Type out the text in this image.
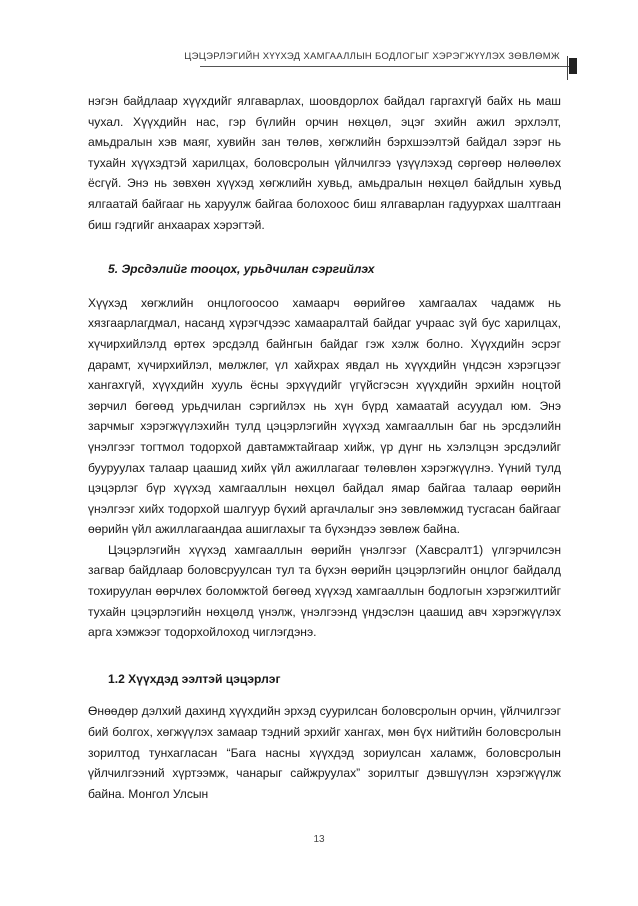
ЦЭЦЭРЛЭГИЙН ХҮҮХЭД ХАМГААЛЛЫН БОДЛОГЫГ ХЭРЭГЖҮҮЛЭХ ЗӨВЛӨМЖ

нэгэн байдлаар хүүхдийг ялгаварлах, шоовдорлох байдал гаргахгүй байх нь маш чухал. Хүүхдийн нас, гэр бүлийн орчин нөхцөл, эцэг эхийн ажил эрхлэлт, амьдралын хэв маяг, хувийн зан төлөв, хөгжлийн бэрхшээлтэй байдал зэрэг нь тухайн хүүхэдтэй харилцах, боловсролын үйлчилгээ үзүүлэхэд сөргөөр нөлөөлөх ёсгүй. Энэ нь зөвхөн хүүхэд хөгжлийн хувьд, амьдралын нөхцөл байдлын хувьд ялгаатай байгааг нь харуулж байгаа болохоос биш ялгаварлан гадуурхах шалтгаан биш гэдгийг анхаарах хэрэгтэй.

5. Эрсдэлийг тооцох, урьдчилан сэргийлэх

Хүүхэд хөгжлийн онцлогоосоо хамаарч өөрийгөө хамгаалах чадамж нь хязгаарлагдмал, насанд хүрэгчдээс хамааралтай байдаг учраас зүй бус харилцах, хүчирхийлэлд өртөх эрсдэлд байнгын байдаг гэж хэлж болно. Хүүхдийн эсрэг дарамт, хүчирхийлэл, мөлжлөг, үл хайхрах явдал нь хүүхдийн үндсэн хэрэгцээг хангахгүй, хүүхдийн хууль ёсны эрхүүдийг үгүйсгэсэн хүүхдийн эрхийн ноцтой зөрчил бөгөөд урьдчилан сэргийлэх нь хүн бүрд хамаатай асуудал юм. Энэ зарчмыг хэрэгжүүлэхийн тулд цэцэрлэгийн хүүхэд хамгааллын баг нь эрсдэлийн үнэлгээг тогтмол тодорхой давтамжтайгаар хийж, үр дүнг нь хэлэлцэн эрсдэлийг бууруулах талаар цаашид хийх үйл ажиллагааг төлөвлөн хэрэгжүүлнэ. Үүний тулд цэцэрлэг бүр хүүхэд хамгааллын нөхцөл байдал ямар байгаа талаар өөрийн үнэлгээг хийх тодорхой шалгуур бүхий аргачлалыг энэ зөвлөмжид тусгасан байгааг өөрийн үйл ажиллагаандаа ашиглахыг та бүхэндээ зөвлөж байна.

Цэцэрлэгийн хүүхэд хамгааллын өөрийн үнэлгээг (Хавсралт1) үлгэрчилсэн загвар байдлаар боловсруулсан тул та бүхэн өөрийн цэцэрлэгийн онцлог байдалд тохируулан өөрчлөх боломжтой бөгөөд хүүхэд хамгааллын бодлогын хэрэгжилтийг тухайн цэцэрлэгийн нөхцөлд үнэлж, үнэлгээнд үндэслэн цаашид авч хэрэгжүүлэх арга хэмжээг тодорхойлоход чиглэгдэнэ.

1.2 Хүүхдэд ээлтэй цэцэрлэг

Өнөөдөр дэлхий дахинд хүүхдийн эрхэд суурилсан боловсролын орчин, үйлчилгээг бий болгох, хөгжүүлэх замаар тэдний эрхийг хангах, мөн бүх нийтийн боловсролын зорилтод тунхагласан “Бага насны хүүхдэд зориулсан халамж, боловсролын үйлчилгээний хүртээмж, чанарыг сайжруулах” зорилтыг дэвшүүлэн хэрэгжүүлж байна. Монгол Улсын

13
